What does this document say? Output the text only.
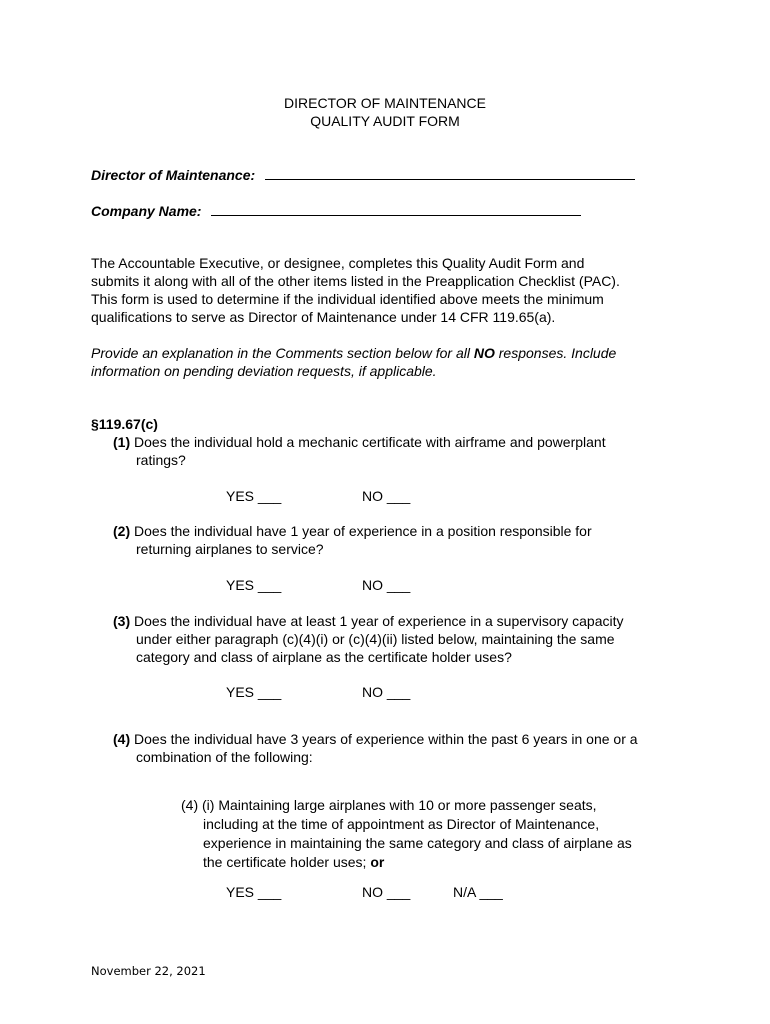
DIRECTOR OF MAINTENANCE
QUALITY AUDIT FORM
Director of Maintenance:
Company Name:
The Accountable Executive, or designee, completes this Quality Audit Form and
submits it along with all of the other items listed in the Preapplication Checklist (PAC).
This form is used to determine if the individual identified above meets the minimum
qualifications to serve as Director of Maintenance under 14 CFR 119.65(a).
Provide an explanation in the Comments section below for all NO responses. Include
information on pending deviation requests, if applicable.
§119.67(c)
(1) Does the individual hold a mechanic certificate with airframe and powerplant
ratings?
YES ___	NO ___
(2) Does the individual have 1 year of experience in a position responsible for
returning airplanes to service?
YES ___	NO ___
(3) Does the individual have at least 1 year of experience in a supervisory capacity
under either paragraph (c)(4)(i) or (c)(4)(ii) listed below, maintaining the same
category and class of airplane as the certificate holder uses?
YES ___	NO ___
(4) Does the individual have 3 years of experience within the past 6 years in one or a
combination of the following:
(4) (i) Maintaining large airplanes with 10 or more passenger seats,
including at the time of appointment as Director of Maintenance,
experience in maintaining the same category and class of airplane as
the certificate holder uses; or
YES ___	NO ___	N/A ___
November 22, 2021
